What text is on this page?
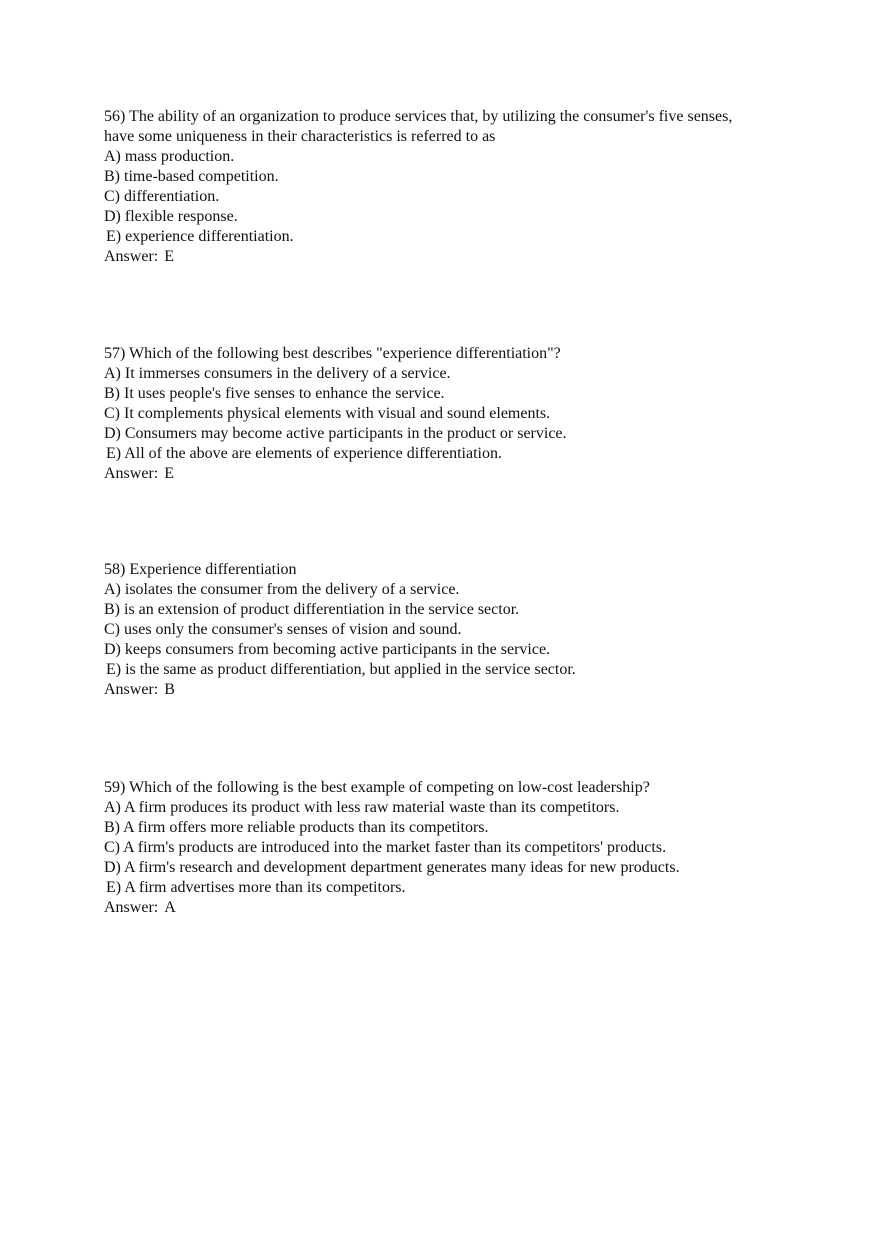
56) The ability of an organization to produce services that, by utilizing the consumer's five senses, have some uniqueness in their characteristics is referred to as

A) mass production.
B) time-based competition.
C) differentiation.
D) flexible response.
E) experience differentiation.
Answer: E

57) Which of the following best describes "experience differentiation"?

A) It immerses consumers in the delivery of a service.
B) It uses people's five senses to enhance the service.
C) It complements physical elements with visual and sound elements.
D) Consumers may become active participants in the product or service.
E) All of the above are elements of experience differentiation.
Answer: E

58) Experience differentiation

A) isolates the consumer from the delivery of a service.
B) is an extension of product differentiation in the service sector.
C) uses only the consumer's senses of vision and sound.
D) keeps consumers from becoming active participants in the service.
E) is the same as product differentiation, but applied in the service sector.
Answer: B

59) Which of the following is the best example of competing on low-cost leadership?

A) A firm produces its product with less raw material waste than its competitors.
B) A firm offers more reliable products than its competitors.
C) A firm's products are introduced into the market faster than its competitors' products.
D) A firm's research and development department generates many ideas for new products.
E) A firm advertises more than its competitors.
Answer: A
